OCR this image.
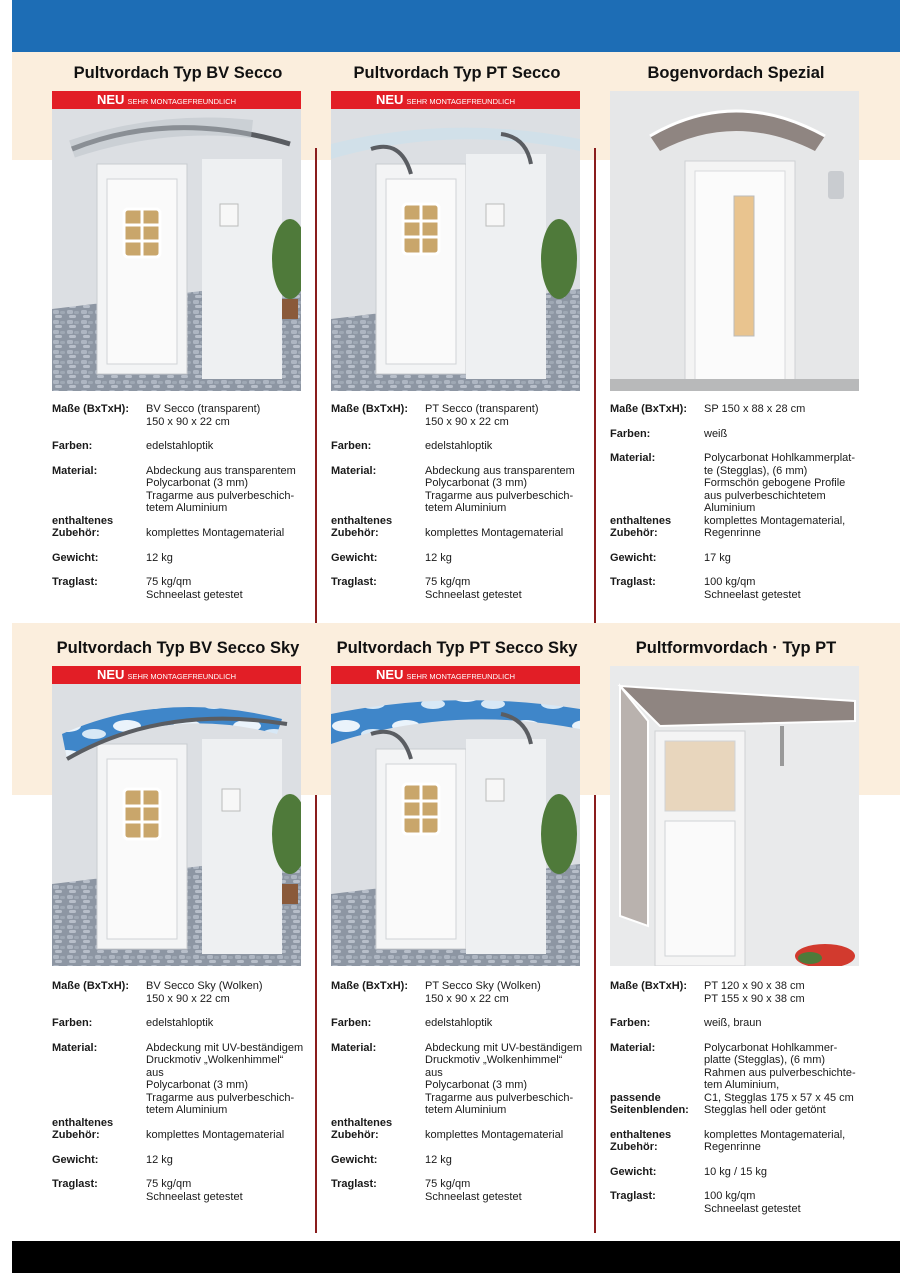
Pultvordach Typ BV Secco
NEU SEHR MONTAGEFREUNDLICH
Maße (BxTxH):	BV Secco (transparent)
150 x 90 x 22 cm
Farben:	edelstahloptik
Material:	Abdeckung aus transparentem
Polycarbonat (3 mm)
Tragarme aus pulverbeschich-
tetem Aluminium
enthaltenes
Zubehör:	komplettes Montagematerial
Gewicht:	12 kg
Traglast:	75 kg/qm
Schneelast getestet
Pultvordach Typ PT Secco
NEU SEHR MONTAGEFREUNDLICH
Maße (BxTxH):	PT Secco (transparent)
150 x 90 x 22 cm
Farben:	edelstahloptik
Material:	Abdeckung aus transparentem
Polycarbonat (3 mm)
Tragarme aus pulverbeschich-
tetem Aluminium
enthaltenes
Zubehör:	komplettes Montagematerial
Gewicht:	12 kg
Traglast:	75 kg/qm
Schneelast getestet
Bogenvordach Spezial
Maße (BxTxH):	SP 150 x 88 x 28 cm
Farben:	weiß
Material:	Polycarbonat Hohlkammerplat-
te (Stegglas), (6 mm)
Formschön gebogene Profile
aus pulverbeschichtetem
Aluminium
enthaltenes
Zubehör:
komplettes Montagematerial,
Regenrinne
Gewicht:	17 kg
Traglast:	100 kg/qm
Schneelast getestet
Pultvordach Typ BV Secco Sky
NEU SEHR MONTAGEFREUNDLICH
Maße (BxTxH):	BV Secco Sky (Wolken)
150 x 90 x 22 cm
Farben:	edelstahloptik
Material:	Abdeckung mit UV-beständigem
Druckmotiv „Wolkenhimmel“ aus
Polycarbonat (3 mm)
Tragarme aus pulverbeschich-
tetem Aluminium
enthaltenes
Zubehör:	komplettes Montagematerial
Gewicht:	12 kg
Traglast:	75 kg/qm
Schneelast getestet
Pultvordach Typ PT Secco Sky
NEU SEHR MONTAGEFREUNDLICH
Maße (BxTxH):	PT Secco Sky (Wolken)
150 x 90 x 22 cm
Farben:	edelstahloptik
Material:	Abdeckung mit UV-beständigem
Druckmotiv „Wolkenhimmel“ aus
Polycarbonat (3 mm)
Tragarme aus pulverbeschich-
tetem Aluminium
enthaltenes
Zubehör:	komplettes Montagematerial
Gewicht:	12 kg
Traglast:	75 kg/qm
Schneelast getestet
Pultformvordach · Typ PT
Maße (BxTxH):	PT 120 x 90 x 38 cm
PT 155 x 90 x 38 cm
Farben:	weiß, braun
Material:	Polycarbonat Hohlkammer-
platte (Stegglas), (6 mm)
Rahmen aus pulverbeschichte-
tem Aluminium,
passende
Seitenblenden:
C1, Stegglas 175 x 57 x 45 cm
Stegglas hell oder getönt
enthaltenes
Zubehör:
komplettes Montagematerial,
Regenrinne
Gewicht:	10 kg / 15 kg
Traglast:	100 kg/qm
Schneelast getestet
